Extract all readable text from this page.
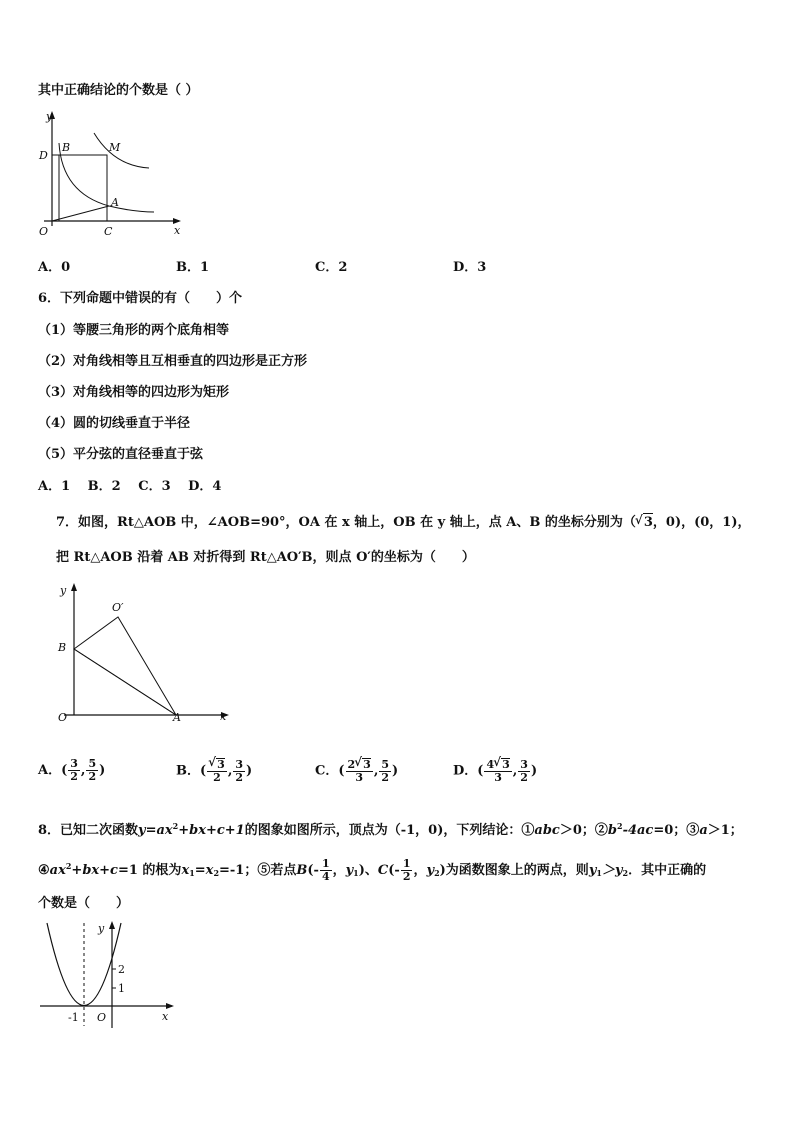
其中正确结论的个数是（ ）
y
x
O
D
B	M
A
C
A．0	B．1	C．2	D．3
6．下列命题中错误的有（　　）个
（1）等腰三角形的两个底角相等
（2）对角线相等且互相垂直的四边形是正方形
（3）对角线相等的四边形为矩形
（4）圆的切线垂直于半径
（5）平分弦的直径垂直于弦
A．1　 B．2　 C．3　 D．4
7．如图，Rt△AOB 中，∠AOB=90°，OA 在 x 轴上，OB 在 y 轴上，点 A、B 的坐标分别为（ √ 3，0)，(0，1)，
把 Rt△AOB 沿着 AB 对折得到 Rt△AO′B，则点 O′的坐标为（　　）
y
x
O
O′
B
A
A．( $\frac{3}{2}$ , $\frac{5}{2}$ )	B．( √ $\frac{3}{2}$ , $\frac{3}{2}$ )	C．( $\frac{2 √ 3}{3}$ , $\frac{5}{2}$ )	D．( $\frac{4 √ 3}{3}$ , $\frac{3}{2}$ )
8．已知二次函数$y=ax^2+bx+c+1$的图象如图所示，顶点为（-1，0)，下列结论：①abc＞0；$②b^2-4ac=0$；③a＞1；
$④ax^2+bx+c=1$ 的根为$x_1=x_2=-1$；⑤若点$B(- \frac{1}{4}$ ，$y_1$)、$C(- \frac{1}{2}$ ，$y_2$)为函数图象上的两点，则$y_1>y_2$．其中正确的
个数是（　　）
y
x
O
-1
2
1
